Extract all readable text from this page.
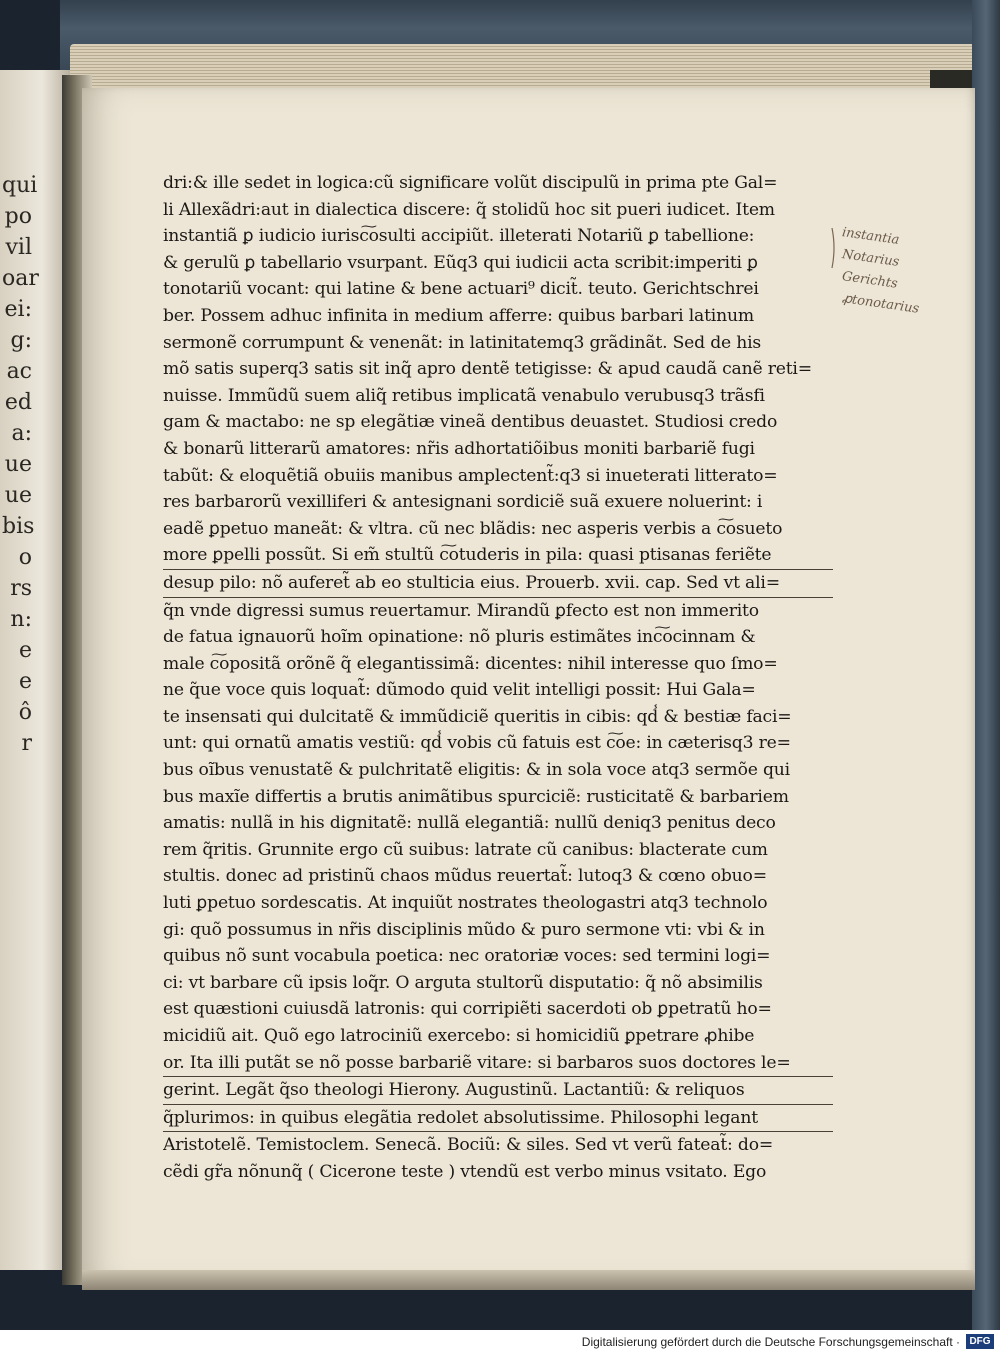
qui
po
vil
oar
ei:
g:
ac
ed
a:
ue
ue
bis
o
rs
n:
e
e
ô
r
dri:& ille sedet in logica:cũ significare volũt discipulũ in prima pte Gal=
li Allexãdri:aut in dialectica discere: q̃ stolidũ hoc sit pueri iudicet. Item
instantiã ꝑ iudicio iurisc͠osulti accipiũt. illeterati Notariũ ꝑ tabellione:
& gerulũ ꝑ tabellario vsurpant. Eũq3 qui iudicii acta scribit:imperiti ꝑ
tonotariũ vocant: qui latine & bene actuari⁹ dicit̃. teuto. Gerichtschrei
ber. Possem adhuc infinita in medium afferre: quibus barbari latinum
sermonẽ corrumpunt & venenãt: in latinitatemq3 grãdinãt. Sed de his
mõ satis superq3 satis sit inq̃ apro dentẽ tetigisse: & apud caudã canẽ reti=
nuisse. Immũdũ suem aliq̃ retibus implicatã venabulo verubusq3 trãsfi
gam & mactabo: ne sp elegãtiæ vineã dentibus deuastet. Studiosi credo
& bonarũ litterarũ amatores: nr̃is adhortatiõibus moniti barbariẽ fugi
tabũt: & eloquẽtiã obuiis manibus amplectent̃:q3 si inueterati litterato=
res barbarorũ vexilliferi & antesignani sordiciẽ suã exuere noluerint: i
eadẽ ꝑpetuo maneãt: & vltra. cũ nec blãdis: nec asperis verbis a c͠osueto
more ꝑpelli possũt. Si em̃ stultũ c͠otuderis in pila: quasi ptisanas feriẽte
desup pilo: nõ auferet̃ ab eo stulticia eius. Prouerb. xvii. cap. Sed vt ali=
q̃n vnde digressi sumus reuertamur. Mirandũ ꝑfecto est non immerito
de fatua ignauorũ hoĩm opinatione: nõ pluris estimãtes inc͠ocinnam &
male c͠opositã orõnẽ q̃ elegantissimã: dicentes: nihil interesse quo ſmo=
ne q̃ue voce quis loquat̃: dũmodo quid velit intelligi possit: Hui Gala=
te insensati qui dulcitatẽ & immũdiciẽ queritis in cibis: qd̾ & bestiæ faci=
unt: qui ornatũ amatis vestiũ: qd̾ vobis cũ fatuis est c͠oe: in cæterisq3 re=
bus oĩbus venustatẽ & pulchritatẽ eligitis: & in sola voce atq3 sermõe qui
bus maxĩe differtis a brutis animãtibus spurciciẽ: rusticitatẽ & barbariem
amatis: nullã in his dignitatẽ: nullã elegantiã: nullũ deniq3 penitus deco
rem q̃ritis. Grunnite ergo cũ suibus: latrate cũ canibus: blacterate cum
stultis. donec ad pristinũ chaos mũdus reuertat̃: lutoq3 & cœno obuo=
luti ꝑpetuo sordescatis. At inquiũt nostrates theologastri atq3 technolo
gi: quõ possumus in nr̃is disciplinis mũdo & puro sermone vti: vbi & in
quibus nõ sunt vocabula poetica: nec oratoriæ voces: sed termini logi=
ci: vt barbare cũ ipsis loq̃r. O arguta stultorũ disputatio: q̃ nõ absimilis
est quæstioni cuiusdã latronis: qui corripiẽti sacerdoti ob ꝑpetratũ ho=
micidiũ ait. Quõ ego latrociniũ exercebo: si homicidiũ ꝑpetrare ꝓhibe
or. Ita illi putãt se nõ posse barbariẽ vitare: si barbaros suos doctores le=
gerint. Legãt q̃so theologi Hierony. Augustinũ. Lactantiũ: & reliquos
q̃plurimos: in quibus elegãtia redolet absolutissime. Philosophi legant
Aristotelẽ. Temistoclem. Senecã. Bociũ: & siles. Sed vt verũ fateat̃: do=
cẽdi gr̃a nõnunq̃ ( Cicerone teste ) vtendũ est verbo minus vsitato. Ego
instantia
Notarius
Gerichts
ꝓtonotarius
Digitalisierung gefördert durch die Deutsche Forschungsgemeinschaft · DFG
